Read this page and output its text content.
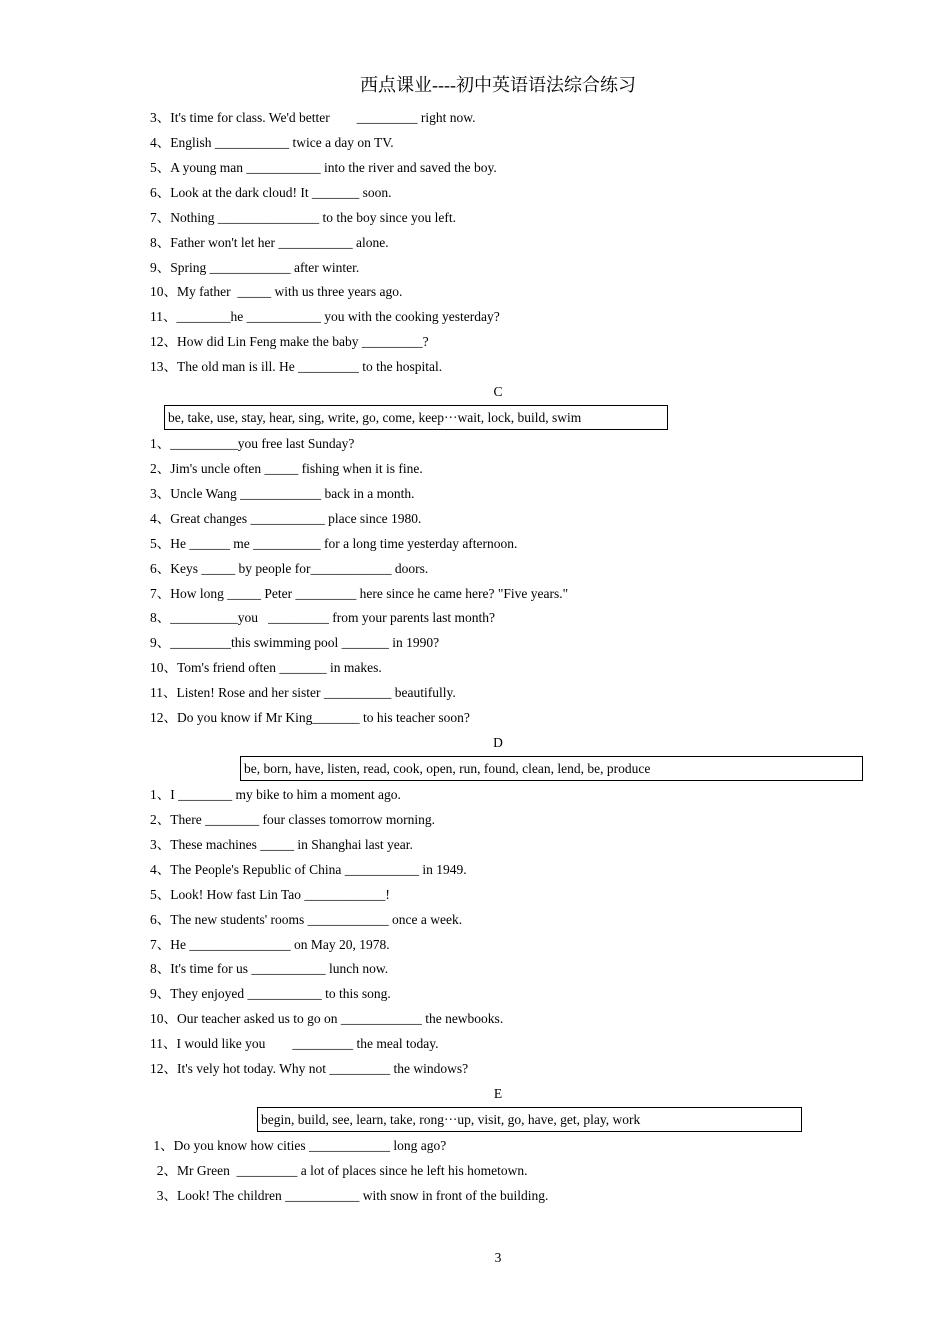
西点课业----初中英语语法综合练习
3、It's time for class. We'd better        _________ right now.
4、English ___________ twice a day on TV.
5、A young man ___________ into the river and saved the boy.
6、Look at the dark cloud! It _______ soon.
7、Nothing _______________ to the boy since you left.
8、Father won't let her ___________ alone.
9、Spring ____________ after winter.
10、My father  _____ with us three years ago.
11、________he ___________ you with the cooking yesterday?
12、How did Lin Feng make the baby _________?
13、The old man is ill. He _________ to the hospital.
C
be, take, use, stay, hear, sing, write, go, come, keep···wait, lock, build, swim
1、__________you free last Sunday?
2、Jim's uncle often _____ fishing when it is fine.
3、Uncle Wang ____________ back in a month.
4、Great changes ___________ place since 1980.
5、He ______ me __________ for a long time yesterday afternoon.
6、Keys _____ by people for____________ doors.
7、How long _____ Peter _________ here since he came here? "Five years."
8、__________you   _________ from your parents last month?
9、_________this swimming pool _______ in 1990?
10、Tom's friend often _______ in makes.
11、Listen! Rose and her sister __________ beautifully.
12、Do you know if Mr King_______ to his teacher soon?
D
be, born, have, listen, read, cook, open, run, found, clean, lend, be, produce
1、I ________ my bike to him a moment ago.
2、There ________ four classes tomorrow morning.
3、These machines _____ in Shanghai last year.
4、The People's Republic of China ___________ in 1949.
5、Look! How fast Lin Tao ____________!
6、The new students' rooms ____________ once a week.
7、He _______________ on May 20, 1978.
8、It's time for us ___________ lunch now.
9、They enjoyed ___________ to this song.
10、Our teacher asked us to go on ____________ the newbooks.
11、I would like you        _________ the meal today.
12、It's vely hot today. Why not _________ the windows?
E
begin, build, see, learn, take, rong···up, visit, go, have, get, play, work
1、Do you know how cities ____________ long ago?
2、Mr Green  _________ a lot of places since he left his hometown.
3、Look! The children ___________ with snow in front of the building.
3
